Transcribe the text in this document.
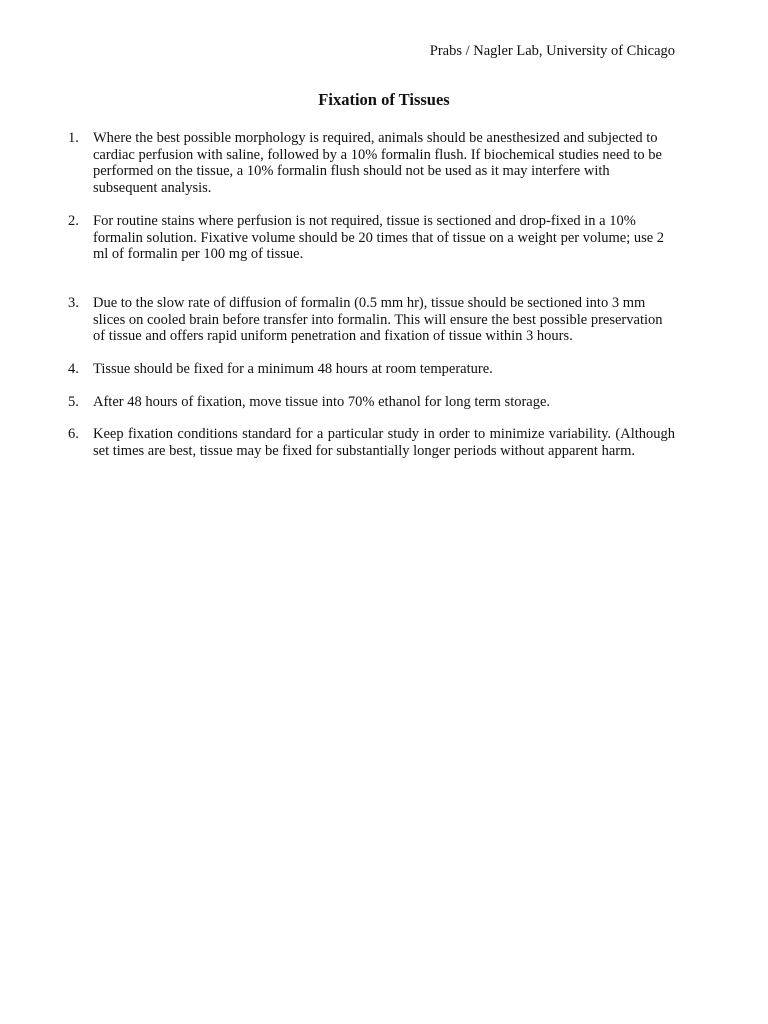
Prabs / Nagler Lab, University of Chicago
Fixation of Tissues
1. Where the best possible morphology is required, animals should be anesthesized and subjected to cardiac perfusion with saline, followed by a 10% formalin flush. If biochemical studies need to be performed on the tissue, a 10% formalin flush should not be used as it may interfere with subsequent analysis.
2. For routine stains where perfusion is not required, tissue is sectioned and drop-fixed in a 10% formalin solution. Fixative volume should be 20 times that of tissue on a weight per volume; use 2 ml of formalin per 100 mg of tissue.
3. Due to the slow rate of diffusion of formalin (0.5 mm hr), tissue should be sectioned into 3 mm slices on cooled brain before transfer into formalin. This will ensure the best possible preservation of tissue and offers rapid uniform penetration and fixation of tissue within 3 hours.
4. Tissue should be fixed for a minimum 48 hours at room temperature.
5. After 48 hours of fixation, move tissue into 70% ethanol for long term storage.
6. Keep fixation conditions standard for a particular study in order to minimize variability. (Although set times are best, tissue may be fixed for substantially longer periods without apparent harm.
